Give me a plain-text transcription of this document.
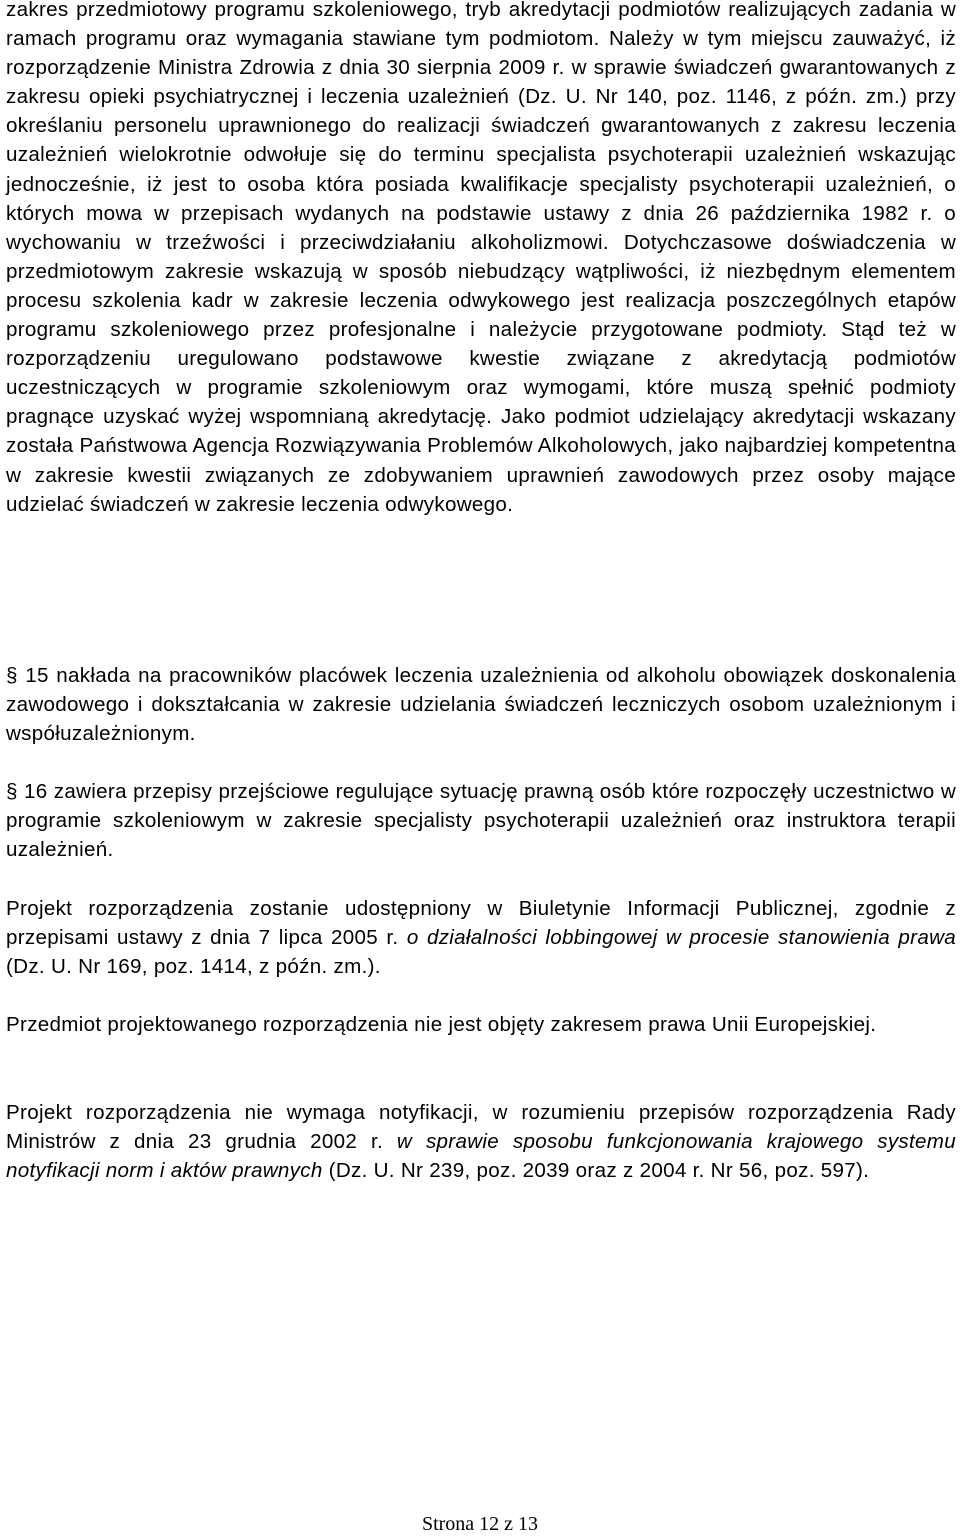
zakres przedmiotowy programu szkoleniowego, tryb akredytacji podmiotów realizujących zadania w ramach programu oraz wymagania stawiane tym podmiotom. Należy w tym miejscu zauważyć, iż rozporządzenie Ministra Zdrowia z dnia 30 sierpnia 2009 r. w sprawie świadczeń gwarantowanych z zakresu opieki psychiatrycznej i leczenia uzależnień (Dz. U. Nr 140, poz. 1146, z późn. zm.) przy określaniu personelu uprawnionego do realizacji świadczeń gwarantowanych z zakresu leczenia uzależnień wielokrotnie odwołuje się do terminu specjalista psychoterapii uzależnień wskazując jednocześnie, iż jest to osoba która posiada kwalifikacje specjalisty psychoterapii uzależnień, o których mowa w przepisach wydanych na podstawie ustawy z dnia 26 października 1982 r. o wychowaniu w trzeźwości i przeciwdziałaniu alkoholizmowi. Dotychczasowe doświadczenia w przedmiotowym zakresie wskazują w sposób niebudzący wątpliwości, iż niezbędnym elementem procesu szkolenia kadr w zakresie leczenia odwykowego jest realizacja poszczególnych etapów programu szkoleniowego przez profesjonalne i należycie przygotowane podmioty. Stąd też w rozporządzeniu uregulowano podstawowe kwestie związane z akredytacją podmiotów uczestniczących w programie szkoleniowym oraz wymogami, które muszą spełnić podmioty pragnące uzyskać wyżej wspomnianą akredytację. Jako podmiot udzielający akredytacji wskazany została Państwowa Agencja Rozwiązywania Problemów Alkoholowych, jako najbardziej kompetentna w zakresie kwestii związanych ze zdobywaniem uprawnień zawodowych przez osoby mające udzielać świadczeń w zakresie leczenia odwykowego.

§ 15 nakłada na pracowników placówek leczenia uzależnienia od alkoholu obowiązek doskonalenia zawodowego i dokształcania w zakresie udzielania świadczeń leczniczych osobom uzależnionym i współuzależnionym.

§ 16 zawiera przepisy przejściowe regulujące sytuację prawną osób które rozpoczęły uczestnictwo w programie szkoleniowym w zakresie specjalisty psychoterapii uzależnień oraz instruktora terapii uzależnień.

Projekt rozporządzenia zostanie udostępniony w Biuletynie Informacji Publicznej, zgodnie z przepisami ustawy z dnia 7 lipca 2005 r. o działalności lobbingowej w procesie stanowienia prawa (Dz. U. Nr 169, poz. 1414, z późn. zm.).

Przedmiot projektowanego rozporządzenia nie jest objęty zakresem prawa Unii Europejskiej.

Projekt rozporządzenia nie wymaga notyfikacji, w rozumieniu przepisów rozporządzenia Rady Ministrów z dnia 23 grudnia 2002 r. w sprawie sposobu funkcjonowania krajowego systemu notyfikacji norm i aktów prawnych (Dz. U. Nr 239, poz. 2039 oraz z 2004 r. Nr 56, poz. 597).

Strona 12 z 13
